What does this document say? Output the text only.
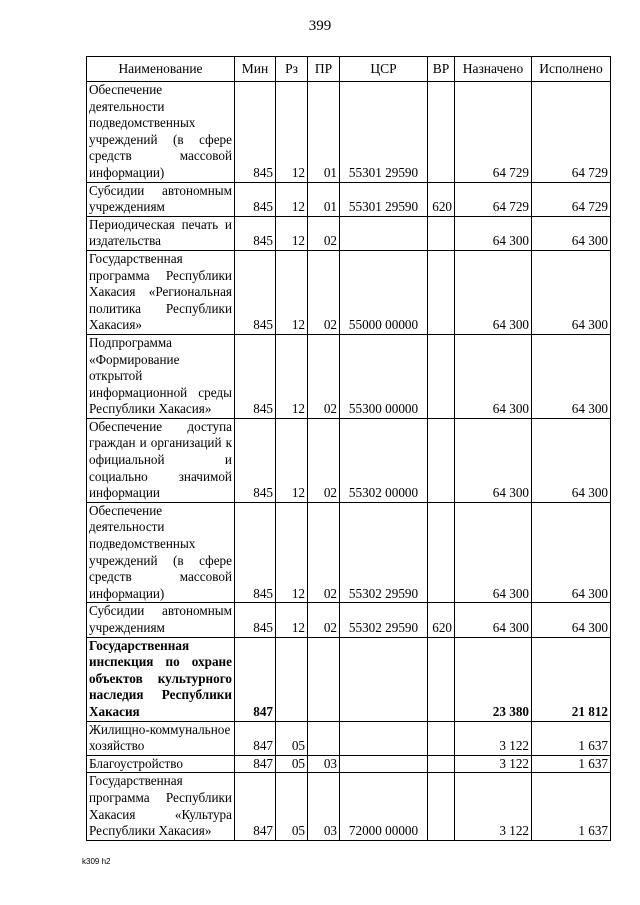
399
Наименование	Мин	Рз	ПР	ЦСР	ВР	Назначено	Исполнено
Обеспечение деятельности подведомственных учреждений (в сфере средств массовой информации)	845	12	01	55301 29590		64 729	64 729
Субсидии автономным учреждениям	845	12	01	55301 29590	620	64 729	64 729
Периодическая печать и издательства	845	12	02			64 300	64 300
Государственная программа Республики Хакасия «Региональная политика Республики Хакасия»	845	12	02	55000 00000		64 300	64 300
Подпрограмма «Формирование открытой информационной среды Республики Хакасия»	845	12	02	55300 00000		64 300	64 300
Обеспечение доступа граждан и организаций к официальной и социально значимой информации	845	12	02	55302 00000		64 300	64 300
Обеспечение деятельности подведомственных учреждений (в сфере средств массовой информации)	845	12	02	55302 29590		64 300	64 300
Субсидии автономным учреждениям	845	12	02	55302 29590	620	64 300	64 300
Государственная инспекция по охране объектов культурного наследия Республики Хакасия	847					23 380	21 812
Жилищно-коммунальное хозяйство	847	05				3 122	1 637
Благоустройство	847	05	03			3 122	1 637
Государственная программа Республики Хакасия «Культура Республики Хакасия»	847	05	03	72000 00000		3 122	1 637
k309 h2
